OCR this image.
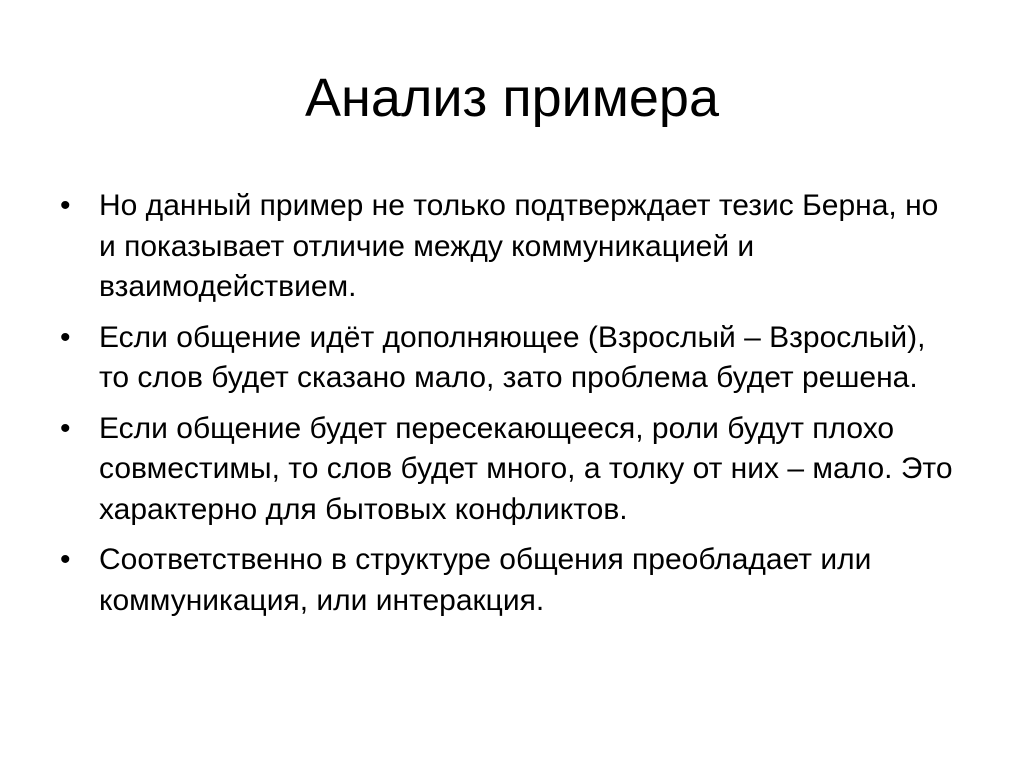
Анализ примера
• Но данный пример не только подтверждает тезис Берна, но и показывает отличие между коммуникацией и взаимодействием.
• Если общение идёт дополняющее (Взрослый – Взрослый), то слов будет сказано мало, зато проблема будет решена.
• Если общение будет пересекающееся, роли будут плохо совместимы, то слов будет много, а толку от них – мало. Это характерно для бытовых конфликтов.
• Соответственно в структуре общения преобладает или коммуникация, или интеракция.
